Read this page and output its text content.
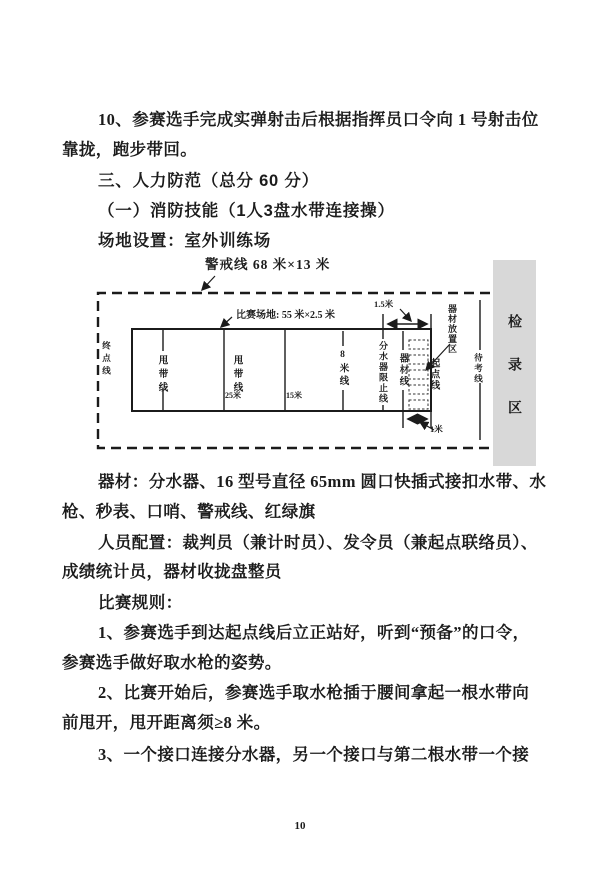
10、参赛选手完成实弹射击后根据指挥员口令向 1 号射击位
靠拢，跑步带回。
三、人力防范（总分 60 分）
（一）消防技能（1人3盘水带连接操）
场地设置：室外训练场
警戒线 68 米×13 米
比赛场地: 55 米×2.5 米
终点线	甩带线	甩带线
25米	15米
8米线	分水器限止线 器材线 起点线	待考线 检录区
器材放置区
1.5米
1米
器材：分水器、16 型号直径 65mm 圆口快插式接扣水带、水
枪、秒表、口哨、警戒线、红绿旗
人员配置：裁判员（兼计时员）、发令员（兼起点联络员）、
成绩统计员，器材收拢盘整员
比赛规则：
1、参赛选手到达起点线后立正站好，听到“预备”的口令，
参赛选手做好取水枪的姿势。
2、比赛开始后，参赛选手取水枪插于腰间拿起一根水带向
前甩开，甩开距离须≥8 米。
3、一个接口连接分水器，另一个接口与第二根水带一个接
10
